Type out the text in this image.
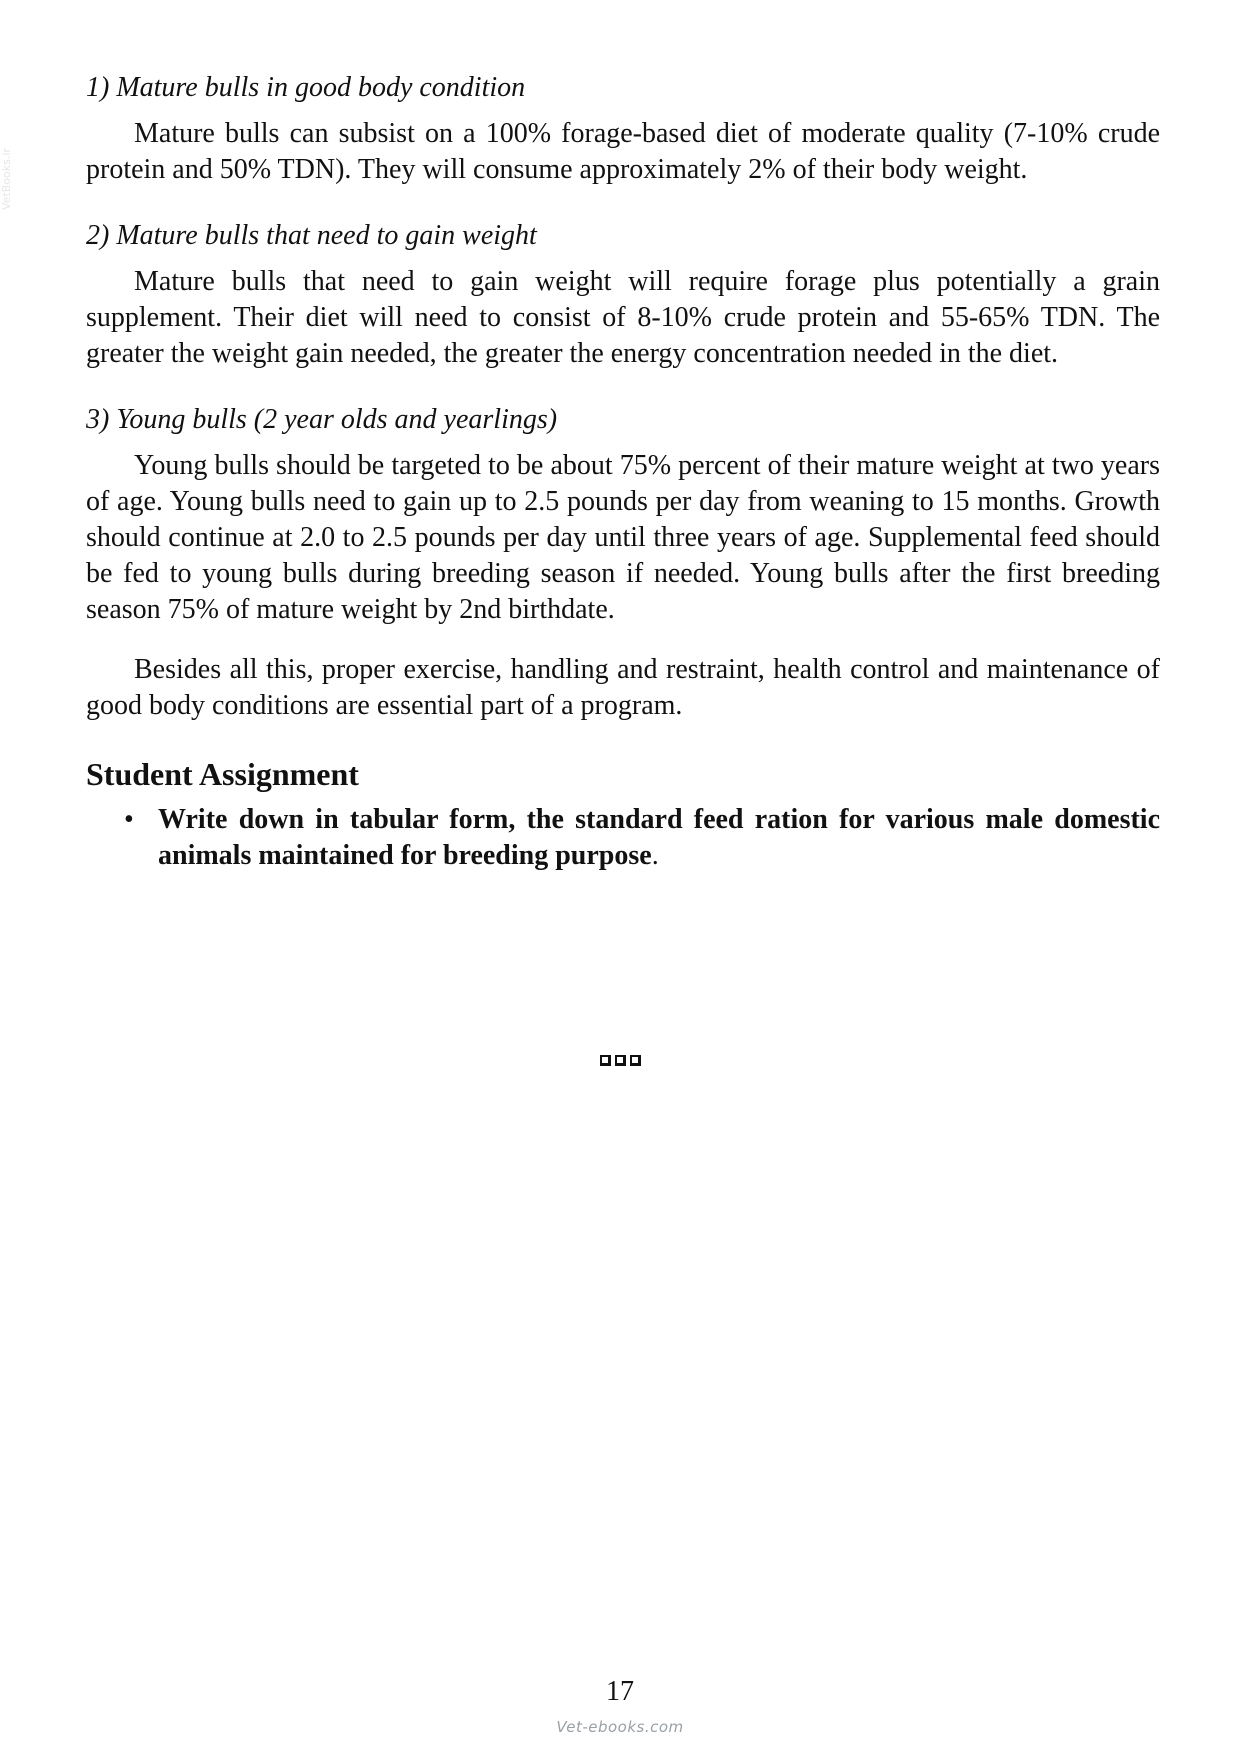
VetBooks.ir

1) Mature bulls in good body condition

Mature bulls can subsist on a 100% forage-based diet of moderate quality (7-10% crude protein and 50% TDN). They will consume approximately 2% of their body weight.

2) Mature bulls that need to gain weight

Mature bulls that need to gain weight will require forage plus potentially a grain supplement. Their diet will need to consist of 8-10% crude protein and 55-65% TDN. The greater the weight gain needed, the greater the energy concentration needed in the diet.

3) Young bulls (2 year olds and yearlings)

Young bulls should be targeted to be about 75% percent of their mature weight at two years of age. Young bulls need to gain up to 2.5 pounds per day from weaning to 15 months. Growth should continue at 2.0 to 2.5 pounds per day until three years of age. Supplemental feed should be fed to young bulls during breeding season if needed. Young bulls after the first breeding season 75% of mature weight by 2nd birthdate.

Besides all this, proper exercise, handling and restraint, health control and maintenance of good body conditions are essential part of a program.

Student Assignment
• Write down in tabular form, the standard feed ration for various male domestic animals maintained for breeding purpose.
17
Vet-ebooks.com
